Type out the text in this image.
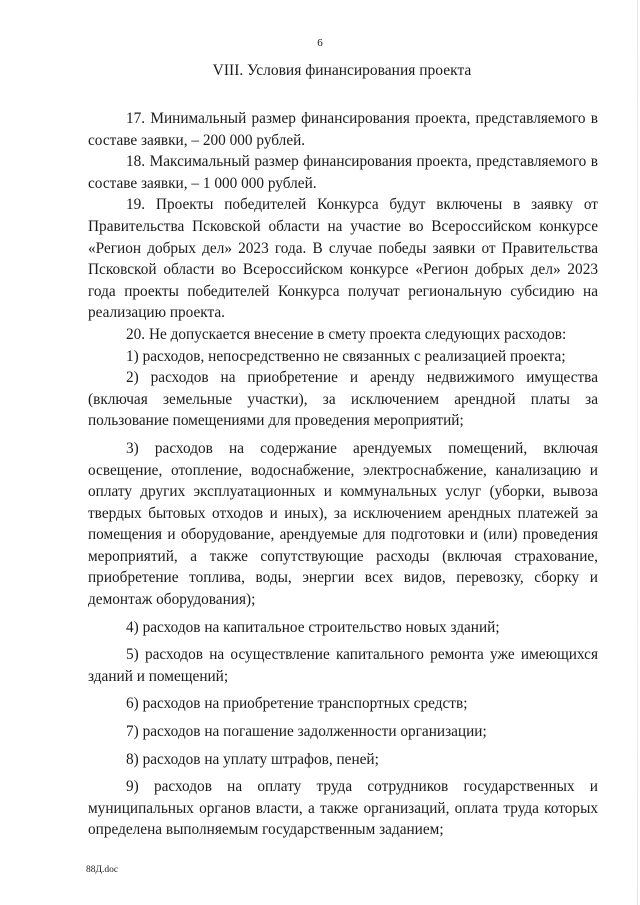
6
VIII. Условия финансирования проекта

17. Минимальный размер финансирования проекта, представляемого в составе заявки, – 200 000 рублей.

18. Максимальный размер финансирования проекта, представляемого в составе заявки, – 1 000 000 рублей.

19. Проекты победителей Конкурса будут включены в заявку от Правительства Псковской области на участие во Всероссийском конкурсе «Регион добрых дел» 2023 года. В случае победы заявки от Правительства Псковской области во Всероссийском конкурсе «Регион добрых дел» 2023 года проекты победителей Конкурса получат региональную субсидию на реализацию проекта.

20. Не допускается внесение в смету проекта следующих расходов:

1) расходов, непосредственно не связанных с реализацией проекта;

2) расходов на приобретение и аренду недвижимого имущества (включая земельные участки), за исключением арендной платы за пользование помещениями для проведения мероприятий;

3) расходов на содержание арендуемых помещений, включая освещение, отопление, водоснабжение, электроснабжение, канализацию и оплату других эксплуатационных и коммунальных услуг (уборки, вывоза твердых бытовых отходов и иных), за исключением арендных платежей за помещения и оборудование, арендуемые для подготовки и (или) проведения мероприятий, а также сопутствующие расходы (включая страхование, приобретение топлива, воды, энергии всех видов, перевозку, сборку и демонтаж оборудования);

4) расходов на капитальное строительство новых зданий;

5) расходов на осуществление капитального ремонта уже имеющихся зданий и помещений;

6) расходов на приобретение транспортных средств;

7) расходов на погашение задолженности организации;

8) расходов на уплату штрафов, пеней;

9) расходов на оплату труда сотрудников государственных и муниципальных органов власти, а также организаций, оплата труда которых определена выполняемым государственным заданием;

88Д.doc
